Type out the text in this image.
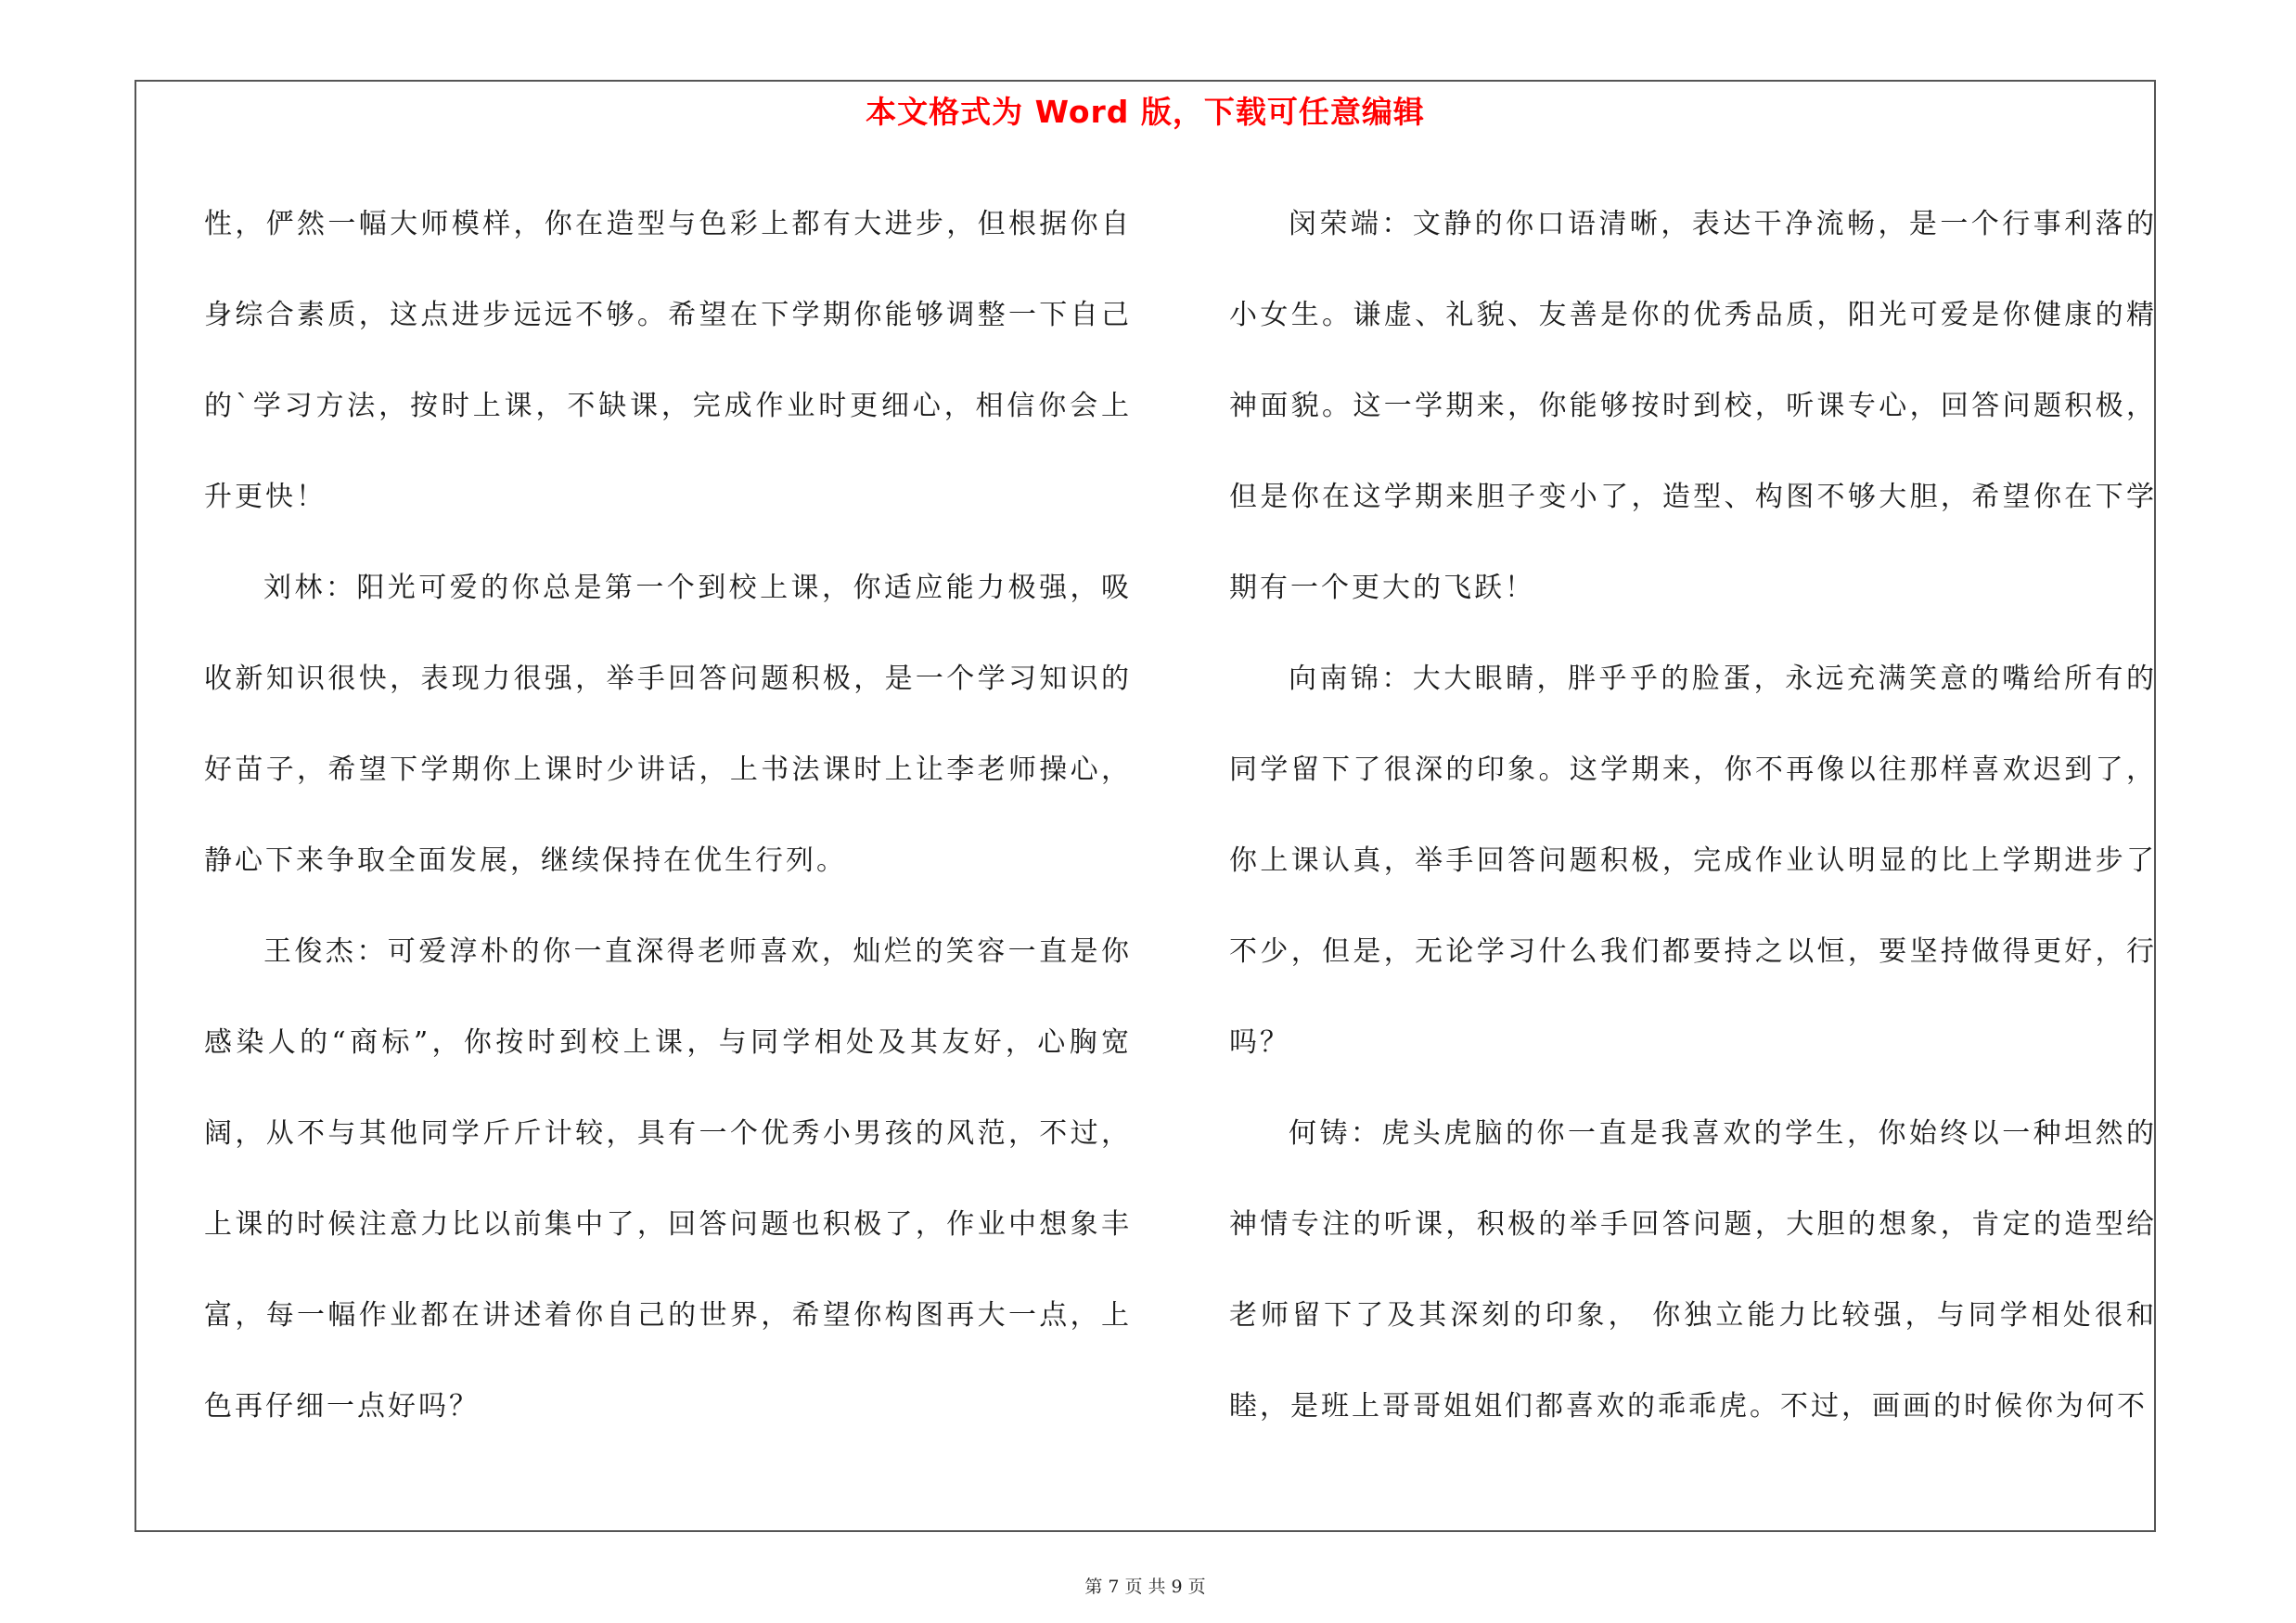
本文格式为 Word 版，下载可任意编辑
第 7 页 共 9 页

性，俨然一幅大师模样，你在造型与色彩上都有大进步，但根据你自身综合素质，这点进步远远不够。希望在下学期你能够调整一下自己的`学习方法，按时上课，不缺课，完成作业时更细心，相信你会上升更快！

刘林：阳光可爱的你总是第一个到校上课，你适应能力极强，吸收新知识很快，表现力很强，举手回答问题积极，是一个学习知识的好苗子，希望下学期你上课时少讲话，上书法课时上让李老师操心，静心下来争取全面发展，继续保持在优生行列。

王俊杰：可爱淳朴的你一直深得老师喜欢，灿烂的笑容一直是你感染人的“商标”，你按时到校上课，与同学相处及其友好，心胸宽阔，从不与其他同学斤斤计较，具有一个优秀小男孩的风范，不过，上课的时候注意力比以前集中了，回答问题也积极了，作业中想象丰富，每一幅作业都在讲述着你自己的世界，希望你构图再大一点，上色再仔细一点好吗？

闵荣端：文静的你口语清晰，表达干净流畅，是一个行事利落的小女生。谦虚、礼貌、友善是你的优秀品质，阳光可爱是你健康的精神面貌。这一学期来，你能够按时到校，听课专心，回答问题积极，但是你在这学期来胆子变小了，造型、构图不够大胆，希望你在下学期有一个更大的飞跃！

向南锦：大大眼睛，胖乎乎的脸蛋，永远充满笑意的嘴给所有的同学留下了很深的印象。这学期来，你不再像以往那样喜欢迟到了，你上课认真，举手回答问题积极，完成作业认明显的比上学期进步了不少，但是，无论学习什么我们都要持之以恒，要坚持做得更好，行吗？

何铸：虎头虎脑的你一直是我喜欢的学生，你始终以一种坦然的神情专注的听课，积极的举手回答问题，大胆的想象，肯定的造型给老师留下了及其深刻的印象， 你独立能力比较强，与同学相处很和睦，是班上哥哥姐姐们都喜欢的乖乖虎。不过，画画的时候你为何不
